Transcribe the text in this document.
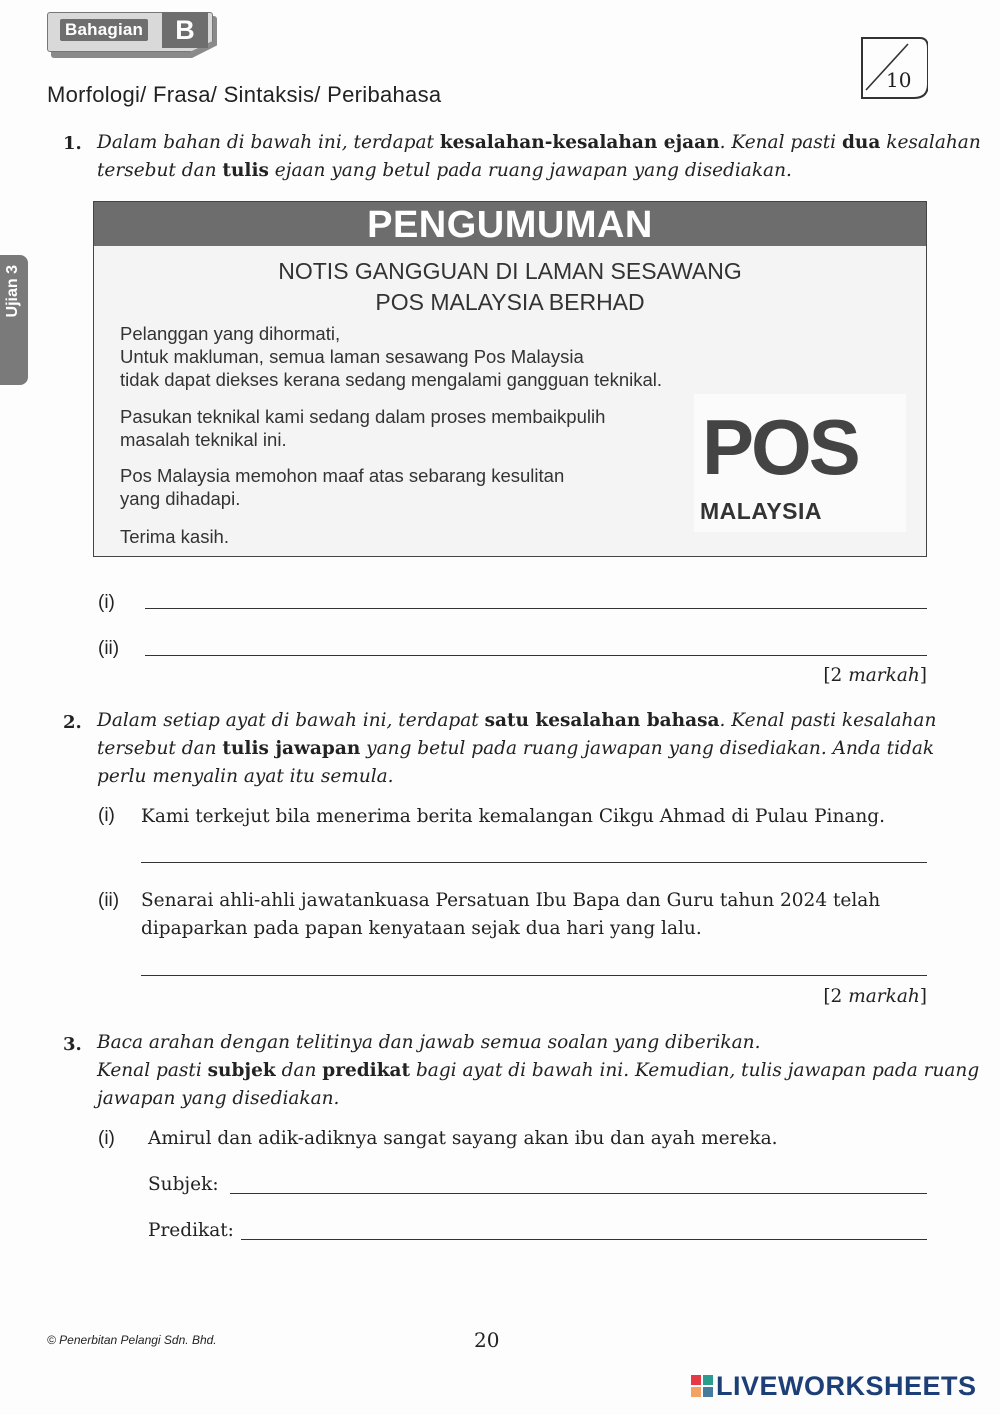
Bahagian	B
Morfologi/ Frasa/ Sintaksis/ Peribahasa
10
Ujian 3
1. Dalam bahan di bawah ini, terdapat kesalahan-kesalahan ejaan. Kenal pasti dua kesalahan
tersebut dan tulis ejaan yang betul pada ruang jawapan yang disediakan.
PENGUMUMAN
NOTIS GANGGUAN DI LAMAN SESAWANG
POS MALAYSIA BERHAD
Pelanggan yang dihormati,
Untuk makluman, semua laman sesawang Pos Malaysia
tidak dapat diekses kerana sedang mengalami gangguan teknikal.
Pasukan teknikal kami sedang dalam proses membaikpulih
masalah teknikal ini.
Pos Malaysia memohon maaf atas sebarang kesulitan
yang dihadapi.
Terima kasih.
POS
MALAYSIA
(i)
(ii)
[2 markah]
2. Dalam setiap ayat di bawah ini, terdapat satu kesalahan bahasa. Kenal pasti kesalahan
tersebut dan tulis jawapan yang betul pada ruang jawapan yang disediakan. Anda tidak
perlu menyalin ayat itu semula.
(i) Kami terkejut bila menerima berita kemalangan Cikgu Ahmad di Pulau Pinang.
(ii) Senarai ahli-ahli jawatankuasa Persatuan Ibu Bapa dan Guru tahun 2024 telah
dipaparkan pada papan kenyataan sejak dua hari yang lalu.
[2 markah]
3. Baca arahan dengan telitinya dan jawab semua soalan yang diberikan.
Kenal pasti subjek dan predikat bagi ayat di bawah ini. Kemudian, tulis jawapan pada ruang
jawapan yang disediakan.
(i) Amirul dan adik-adiknya sangat sayang akan ibu dan ayah mereka.
Subjek:
Predikat:
© Penerbitan Pelangi Sdn. Bhd.	20
LIVEWORKSHEETS
